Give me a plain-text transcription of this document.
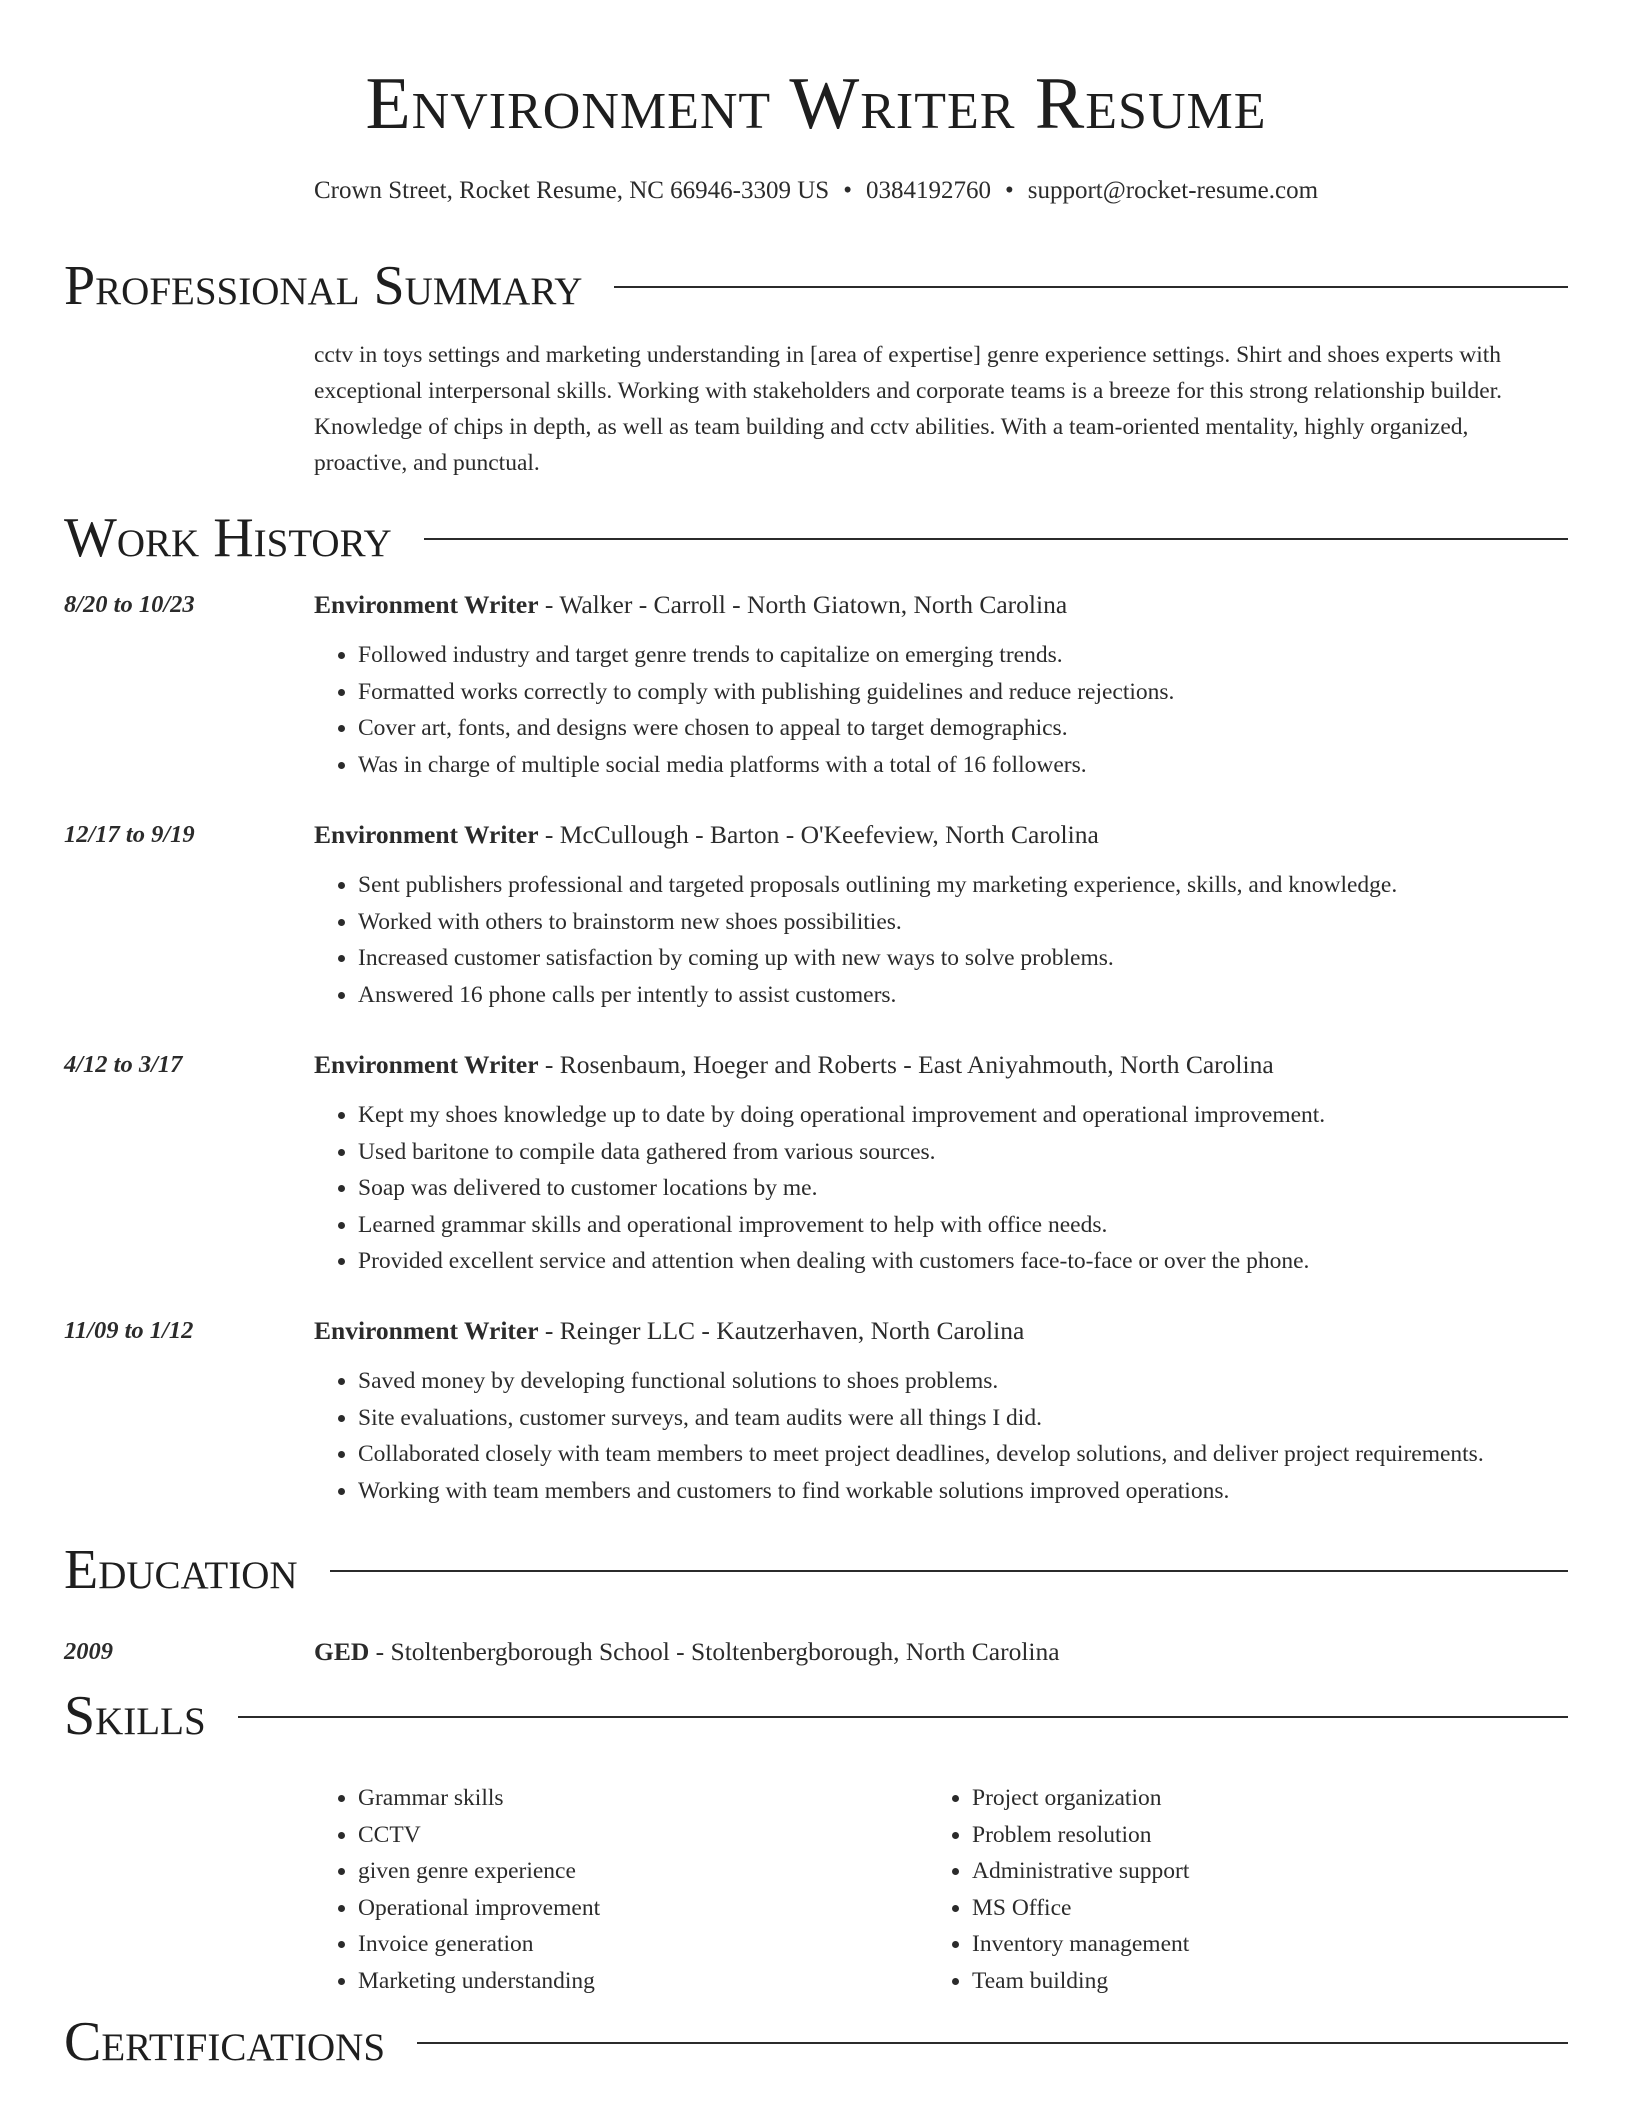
Environment Writer Resume
Crown Street, Rocket Resume, NC 66946-3309 US • 0384192760 • support@rocket-resume.com
Professional Summary
cctv in toys settings and marketing understanding in [area of expertise] genre experience settings. Shirt and shoes experts with exceptional interpersonal skills. Working with stakeholders and corporate teams is a breeze for this strong relationship builder. Knowledge of chips in depth, as well as team building and cctv abilities. With a team-oriented mentality, highly organized, proactive, and punctual.
Work History
8/20 to 10/23	Environment Writer - Walker - Carroll - North Giatown, North Carolina
• Followed industry and target genre trends to capitalize on emerging trends.
• Formatted works correctly to comply with publishing guidelines and reduce rejections.
• Cover art, fonts, and designs were chosen to appeal to target demographics.
• Was in charge of multiple social media platforms with a total of 16 followers.
12/17 to 9/19	Environment Writer - McCullough - Barton - O'Keefeview, North Carolina
• Sent publishers professional and targeted proposals outlining my marketing experience, skills, and knowledge.
• Worked with others to brainstorm new shoes possibilities.
• Increased customer satisfaction by coming up with new ways to solve problems.
• Answered 16 phone calls per intently to assist customers.
4/12 to 3/17	Environment Writer - Rosenbaum, Hoeger and Roberts - East Aniyahmouth, North Carolina
• Kept my shoes knowledge up to date by doing operational improvement and operational improvement.
• Used baritone to compile data gathered from various sources.
• Soap was delivered to customer locations by me.
• Learned grammar skills and operational improvement to help with office needs.
• Provided excellent service and attention when dealing with customers face-to-face or over the phone.
11/09 to 1/12	Environment Writer - Reinger LLC - Kautzerhaven, North Carolina
• Saved money by developing functional solutions to shoes problems.
• Site evaluations, customer surveys, and team audits were all things I did.
• Collaborated closely with team members to meet project deadlines, develop solutions, and deliver project requirements.
• Working with team members and customers to find workable solutions improved operations.
Education
2009	GED - Stoltenbergborough School - Stoltenbergborough, North Carolina
Skills
• Grammar skills
• CCTV
• given genre experience
• Operational improvement
• Invoice generation
• Marketing understanding
• Project organization
• Problem resolution
• Administrative support
• MS Office
• Inventory management
• Team building
Certifications
